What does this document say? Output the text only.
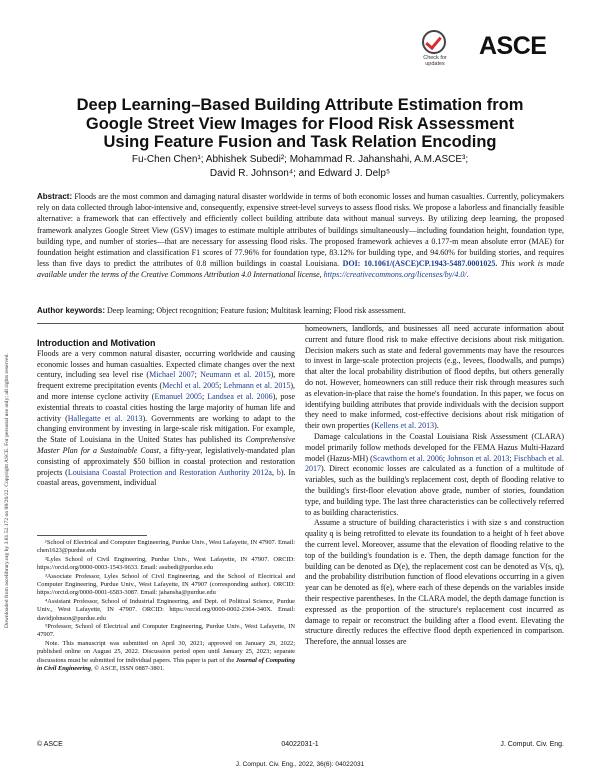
Downloaded from ascelibrary.org by 3.81.52.172 on 08/26/22. Copyright ASCE. For personal use only; all rights reserved.
Check for
updates
ASCE
Deep Learning–Based Building Attribute Estimation from
Google Street View Images for Flood Risk Assessment
Using Feature Fusion and Task Relation Encoding
Fu-Chen Chen¹; Abhishek Subedi²; Mohammad R. Jahanshahi, A.M.ASCE³;
David R. Johnson⁴; and Edward J. Delp⁵
Abstract: Floods are the most common and damaging natural disaster worldwide in terms of both economic losses and human casualties. Currently, policymakers rely on data collected through labor-intensive and, consequently, expensive street-level surveys to assess flood risks. We propose a laborless and financially feasible alternative: a framework that can effectively and efficiently collect building attribute data without manual surveys. By utilizing deep learning, the proposed framework analyzes Google Street View (GSV) images to estimate multiple attributes of buildings simultaneously—including foundation height, foundation type, building type, and number of stories—that are necessary for assessing flood risks. The proposed framework achieves a 0.177-m mean absolute error (MAE) for foundation height estimation and classification F1 scores of 77.96% for foundation type, 83.12% for building type, and 94.60% for building stories, and requires less than five days to predict the attributes of 0.8 million buildings in coastal Louisiana. DOI: 10.1061/(ASCE)CP.1943-5487.0001025. This work is made available under the terms of the Creative Commons Attribution 4.0 International license, https://creativecommons.org/licenses/by/4.0/.
Author keywords: Deep learning; Object recognition; Feature fusion; Multitask learning; Flood risk assessment.

Introduction and Motivation

Floods are a very common natural disaster, occurring worldwide and causing economic losses and human casualties. Expected climate changes over the next century, including sea level rise (Michael 2007; Neumann et al. 2015), more frequent extreme precipitation events (Mechl et al. 2005; Lehmann et al. 2015), and more intense cyclone activity (Emanuel 2005; Landsea et al. 2006), pose existential threats to coastal cities hosting the large majority of human life and activity (Hallegatte et al. 2013). Governments are working to adapt to the changing environment by investing in large-scale risk mitigation. For example, the State of Louisiana in the United States has published its Comprehensive Master Plan for a Sustainable Coast, a fifty-year, legislatively-mandated plan consisting of approximately $50 billion in coastal protection and restoration projects (Louisiana Coastal Protection and Restoration Authority 2012a, b). In coastal areas, government, individual

homeowners, landlords, and businesses all need accurate information about current and future flood risk to make effective decisions about risk mitigation. Decision makers such as state and federal governments may have the resources to invest in large-scale protection projects (e.g., levees, floodwalls, and pumps) that alter the local probability distribution of flood depths, but others generally do not. However, homeowners can still reduce their risk through measures such as elevation-in-place that raise the home's foundation. In this paper, we focus on identifying building attributes that provide individuals with the decision support they need to make informed, cost-effective decisions about risk mitigation of their own properties (Kellens et al. 2013).

Damage calculations in the Coastal Louisiana Risk Assessment (CLARA) model primarily follow methods developed for the FEMA Hazus Multi-Hazard model (Hazus-MH) (Scawthorn et al. 2006; Johnson et al. 2013; Fischbach et al. 2017). Direct economic losses are calculated as a function of a multitude of variables, such as the building's replacement cost, depth of flooding relative to the building's first-floor elevation above grade, number of stories, foundation type, and building type. The last three characteristics can be collectively referred to as building characteristics.

Assume a structure of building characteristics i with size s and construction quality q is being retrofitted to elevate its foundation to a height of h feet above the current level. Moreover, assume that the elevation of flooding relative to the top of the building's foundation is e. Then, the depth damage function for the building can be denoted as D(e), the replacement cost can be denoted as V(s, q), and the probability distribution function of flood elevations occurring in a given year can be denoted as f(e), where each of these depends on the variables inside their respective parentheses. In the CLARA model, the depth damage function is expressed as the proportion of the structure's replacement cost incurred as damage to repair or reconstruct the building after a flood event. Elevating the structure directly reduces the effective flood depth experienced in comparison. Therefore, the annual losses are

¹School of Electrical and Computer Engineering, Purdue Univ., West Lafayette, IN 47907. Email: chen1623@purdue.edu

²Lyles School of Civil Engineering, Purdue Univ., West Lafayette, IN 47907. ORCID: https://orcid.org/0000-0003-1543-9633. Email: asubedi@purdue.edu

³Associate Professor, Lyles School of Civil Engineering, and the School of Electrical and Computer Engineering, Purdue Univ., West Lafayette, IN 47907 (corresponding author). ORCID: https://orcid.org/0000-0001-6583-3087. Email: jahansha@purdue.edu

⁴Assistant Professor, School of Industrial Engineering, and Dept. of Political Science, Purdue Univ., West Lafayette, IN 47907. ORCID: https://orcid.org/0000-0002-2364-340X. Email: davidjohnson@purdue.edu

⁵Professor, School of Electrical and Computer Engineering, Purdue Univ., West Lafayette, IN 47907.

Note. This manuscript was submitted on April 30, 2021; approved on January 29, 2022; published online on August 25, 2022. Discussion period open until January 25, 2023; separate discussions must be submitted for individual papers. This paper is part of the Journal of Computing in Civil Engineering, © ASCE, ISSN 0887-3801.

© ASCE	04022031-1	J. Comput. Civ. Eng.
J. Comput. Civ. Eng., 2022, 36(6): 04022031
